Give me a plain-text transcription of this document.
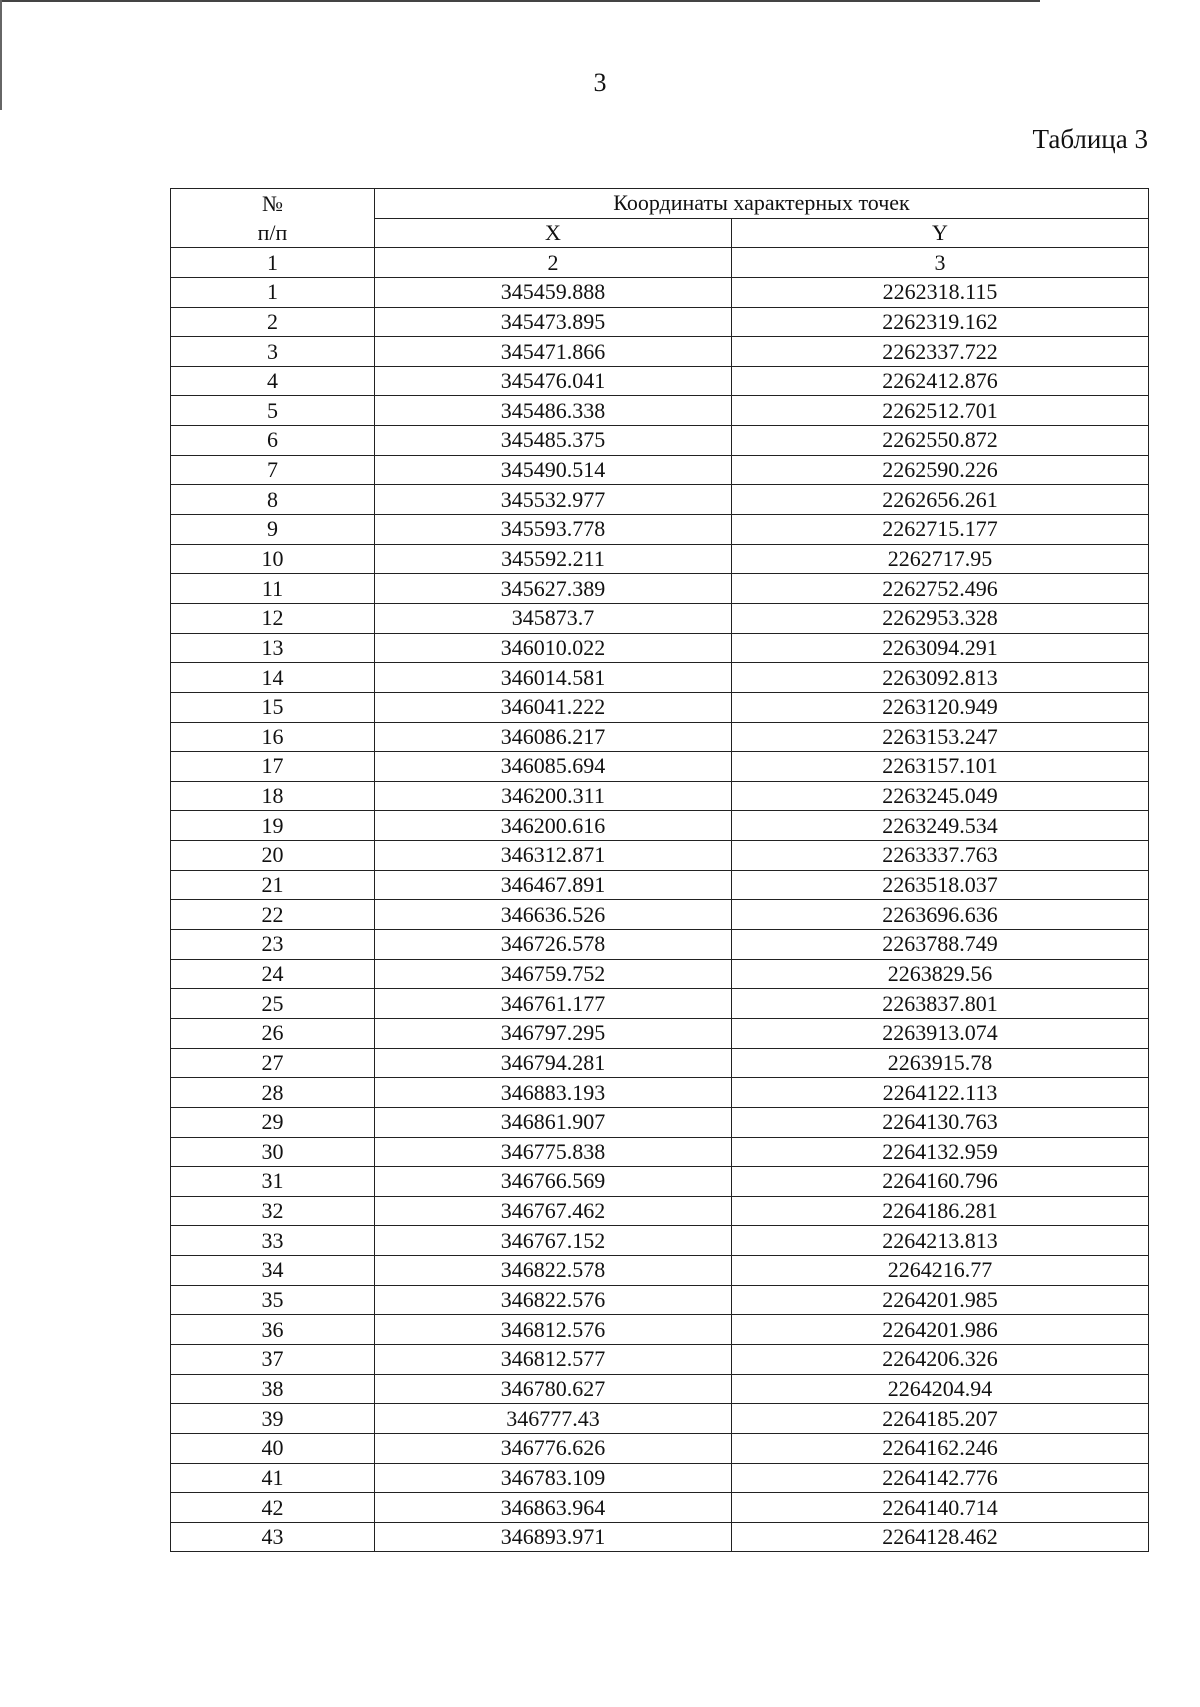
3
Таблица 3
№	Координаты характерных точек	
п/п	X	Y
1	2	3
1	345459.888	2262318.115
2	345473.895	2262319.162
3	345471.866	2262337.722
4	345476.041	2262412.876
5	345486.338	2262512.701
6	345485.375	2262550.872
7	345490.514	2262590.226
8	345532.977	2262656.261
9	345593.778	2262715.177
10	345592.211	2262717.95
11	345627.389	2262752.496
12	345873.7	2262953.328
13	346010.022	2263094.291
14	346014.581	2263092.813
15	346041.222	2263120.949
16	346086.217	2263153.247
17	346085.694	2263157.101
18	346200.311	2263245.049
19	346200.616	2263249.534
20	346312.871	2263337.763
21	346467.891	2263518.037
22	346636.526	2263696.636
23	346726.578	2263788.749
24	346759.752	2263829.56
25	346761.177	2263837.801
26	346797.295	2263913.074
27	346794.281	2263915.78
28	346883.193	2264122.113
29	346861.907	2264130.763
30	346775.838	2264132.959
31	346766.569	2264160.796
32	346767.462	2264186.281
33	346767.152	2264213.813
34	346822.578	2264216.77
35	346822.576	2264201.985
36	346812.576	2264201.986
37	346812.577	2264206.326
38	346780.627	2264204.94
39	346777.43	2264185.207
40	346776.626	2264162.246
41	346783.109	2264142.776
42	346863.964	2264140.714
43	346893.971	2264128.462
